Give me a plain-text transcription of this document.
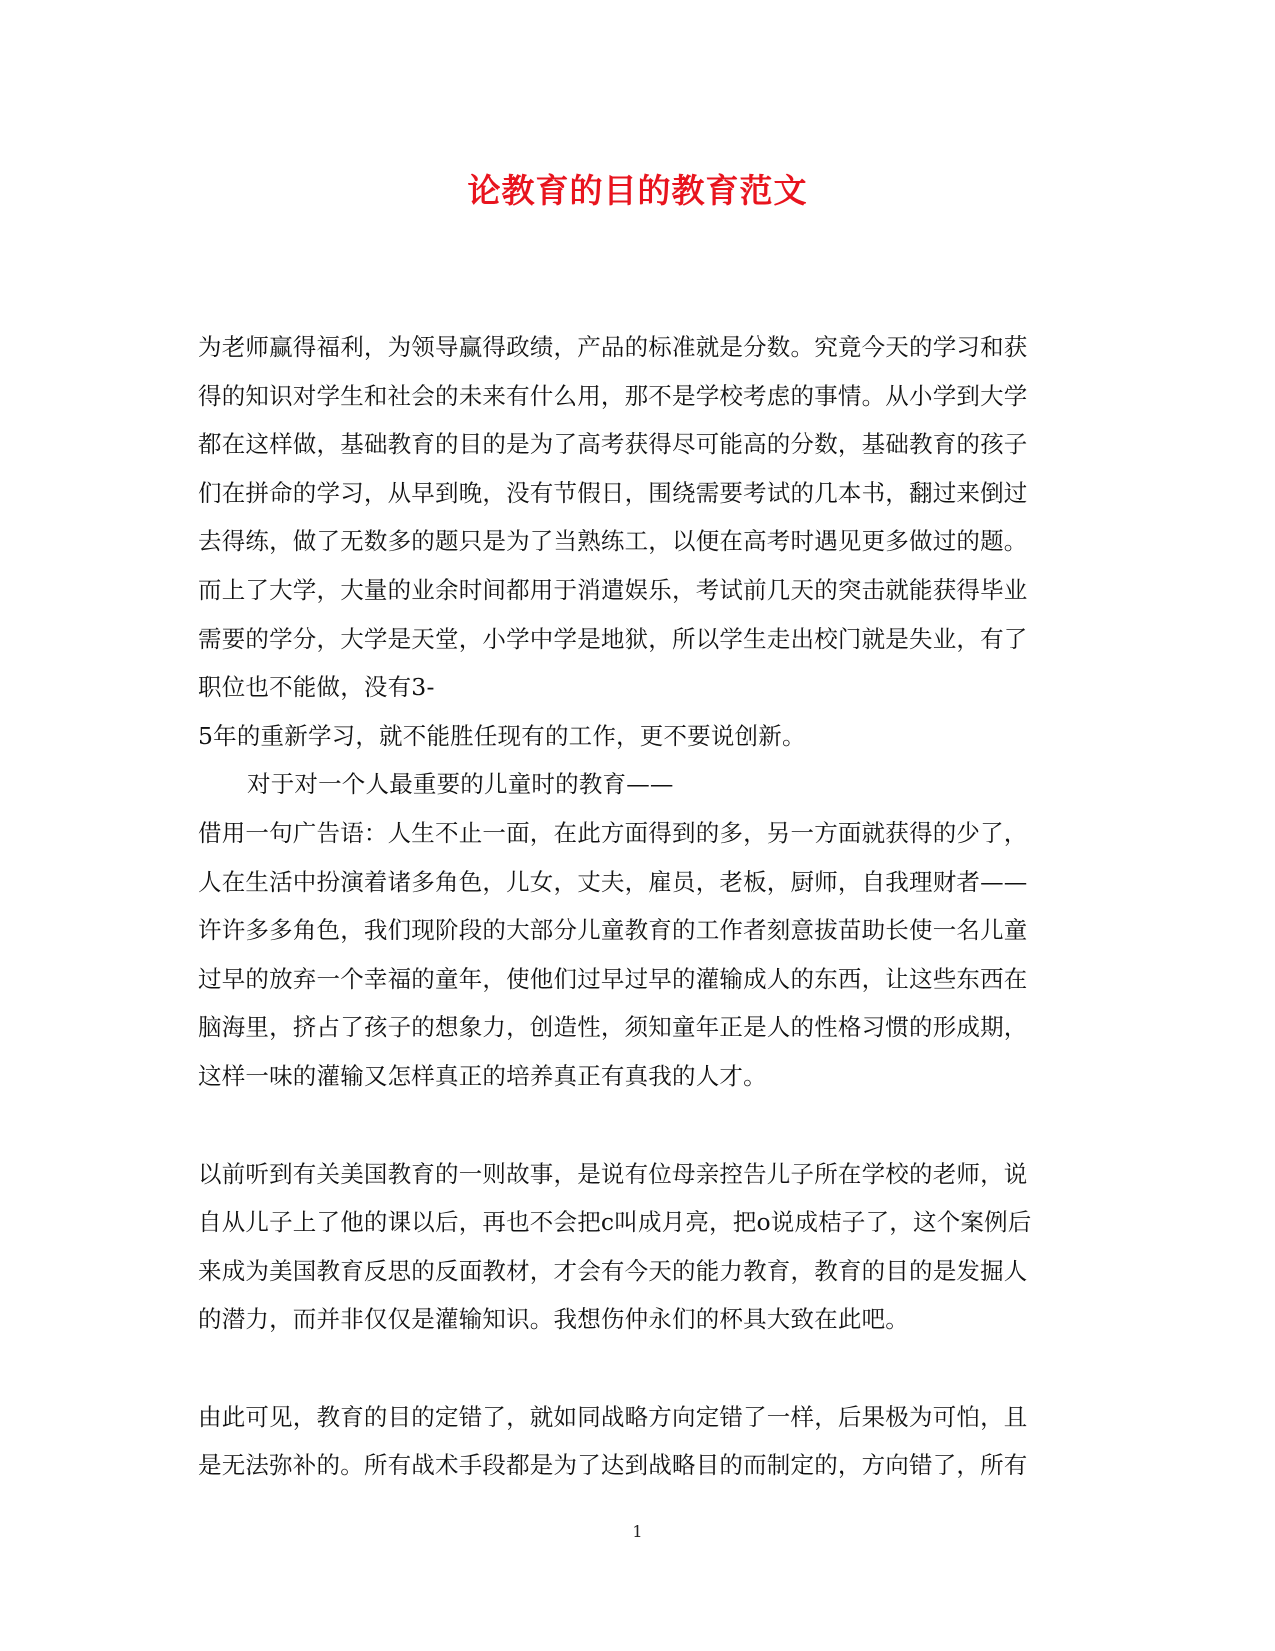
论教育的目的教育范文
为老师赢得福利，为领导赢得政绩，产品的标准就是分数。究竟今天的学习和获
得的知识对学生和社会的未来有什么用，那不是学校考虑的事情。从小学到大学
都在这样做，基础教育的目的是为了高考获得尽可能高的分数，基础教育的孩子
们在拼命的学习，从早到晚，没有节假日，围绕需要考试的几本书，翻过来倒过
去得练，做了无数多的题只是为了当熟练工，以便在高考时遇见更多做过的题。
而上了大学，大量的业余时间都用于消遣娱乐，考试前几天的突击就能获得毕业
需要的学分，大学是天堂，小学中学是地狱，所以学生走出校门就是失业，有了
职位也不能做，没有3-
5年的重新学习，就不能胜任现有的工作，更不要说创新。
对于对一个人最重要的儿童时的教育——
借用一句广告语：人生不止一面，在此方面得到的多，另一方面就获得的少了，
人在生活中扮演着诸多角色，儿女，丈夫，雇员，老板，厨师，自我理财者——
许许多多角色，我们现阶段的大部分儿童教育的工作者刻意拔苗助长使一名儿童
过早的放弃一个幸福的童年，使他们过早过早的灌输成人的东西，让这些东西在
脑海里，挤占了孩子的想象力，创造性，须知童年正是人的性格习惯的形成期，
这样一味的灌输又怎样真正的培养真正有真我的人才。
以前听到有关美国教育的一则故事，是说有位母亲控告儿子所在学校的老师，说
自从儿子上了他的课以后，再也不会把c叫成月亮，把o说成桔子了，这个案例后
来成为美国教育反思的反面教材，才会有今天的能力教育，教育的目的是发掘人
的潜力，而并非仅仅是灌输知识。我想伤仲永们的杯具大致在此吧。
由此可见，教育的目的定错了，就如同战略方向定错了一样，后果极为可怕，且
是无法弥补的。所有战术手段都是为了达到战略目的而制定的，方向错了，所有
1
